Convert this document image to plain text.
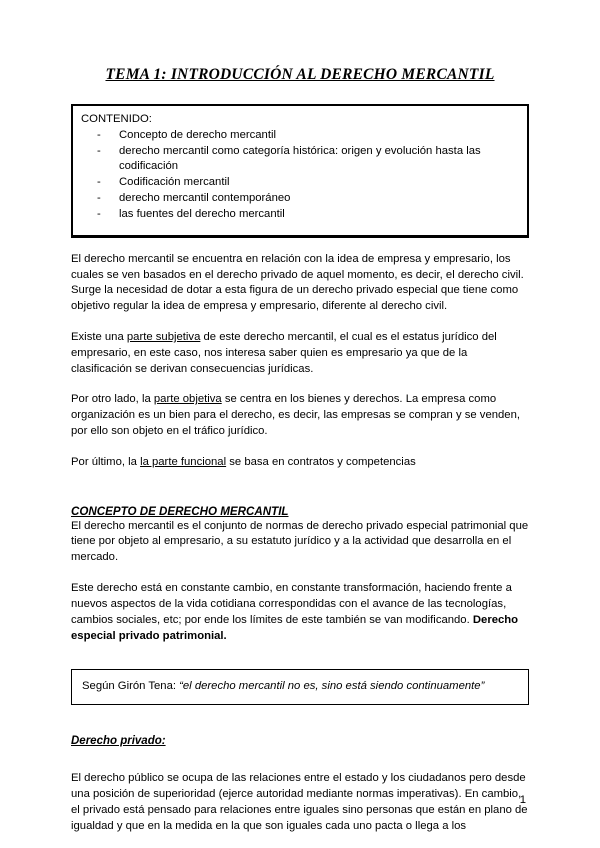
TEMA 1: INTRODUCCIÓN AL DERECHO MERCANTIL
CONTENIDO:
-	Concepto de derecho mercantil
-	derecho mercantil como categoría histórica: origen y evolución hasta las codificación
-	Codificación mercantil
-	derecho mercantil contemporáneo
-	las fuentes del derecho mercantil

El derecho mercantil se encuentra en relación con la idea de empresa y empresario, los cuales se ven basados en el derecho privado de aquel momento, es decir, el derecho civil. Surge la necesidad de dotar a esta figura de un derecho privado especial que tiene como objetivo regular la idea de empresa y empresario, diferente al derecho civil.

Existe una parte subjetiva de este derecho mercantil, el cual es el estatus jurídico del empresario, en este caso, nos interesa saber quien es empresario ya que de la clasificación se derivan consecuencias jurídicas.

Por otro lado, la parte objetiva se centra en los bienes y derechos. La empresa como organización es un bien para el derecho, es decir, las empresas se compran y se venden, por ello son objeto en el tráfico jurídico.

Por último, la la parte funcional se basa en contratos y competencias

CONCEPTO DE DERECHO MERCANTIL

El derecho mercantil es el conjunto de normas de derecho privado especial patrimonial que tiene por objeto al empresario, a su estatuto jurídico y a la actividad que desarrolla en el mercado.

Este derecho está en constante cambio, en constante transformación, haciendo frente a nuevos aspectos de la vida cotidiana correspondidas con el avance de las tecnologías, cambios sociales, etc; por ende los límites de este también se van modificando. Derecho especial privado patrimonial.

Según Girón Tena: “el derecho mercantil no es, sino está siendo continuamente”
Derecho privado:

El derecho público se ocupa de las relaciones entre el estado y los ciudadanos pero desde una posición de superioridad (ejerce autoridad mediante normas imperativas). En cambio, el privado está pensado para relaciones entre iguales sino personas que están en plano de igualdad y que en la medida en la que son iguales cada uno pacta o llega a los

1
